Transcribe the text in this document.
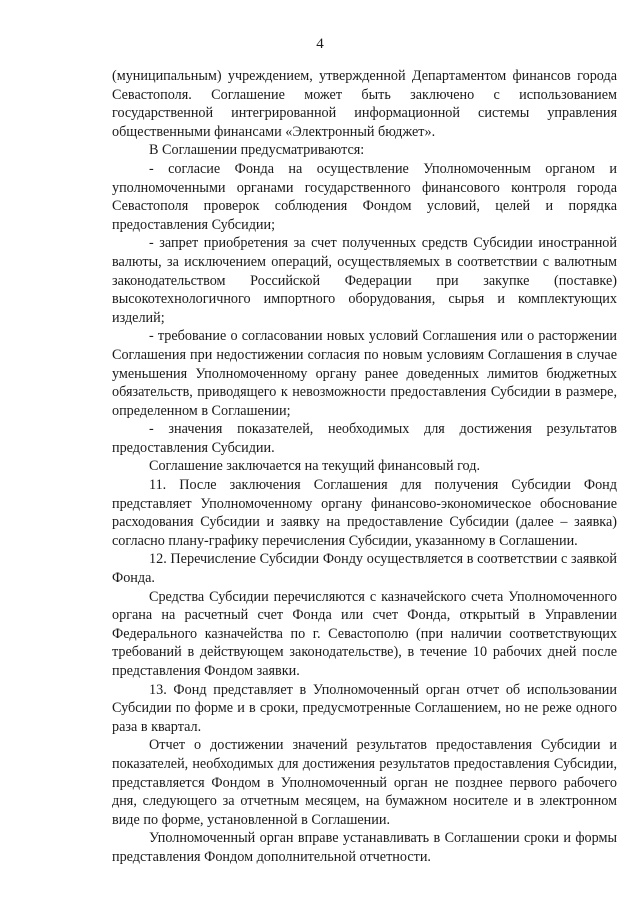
4

(муниципальным) учреждением, утвержденной Департаментом финансов города Севастополя. Соглашение может быть заключено с использованием государственной интегрированной информационной системы управления общественными финансами «Электронный бюджет».

В Соглашении предусматриваются:

- согласие Фонда на осуществление Уполномоченным органом и уполномоченными органами государственного финансового контроля города Севастополя проверок соблюдения Фондом условий, целей и порядка предоставления Субсидии;

- запрет приобретения за счет полученных средств Субсидии иностранной валюты, за исключением операций, осуществляемых в соответствии с валютным законодательством Российской Федерации при закупке (поставке) высокотехнологичного импортного оборудования, сырья и комплектующих изделий;

- требование о согласовании новых условий Соглашения или о расторжении Соглашения при недостижении согласия по новым условиям Соглашения в случае уменьшения Уполномоченному органу ранее доведенных лимитов бюджетных обязательств, приводящего к невозможности предоставления Субсидии в размере, определенном в Соглашении;

- значения показателей, необходимых для достижения результатов предоставления Субсидии.

Соглашение заключается на текущий финансовый год.

11. После заключения Соглашения для получения Субсидии Фонд представляет Уполномоченному органу финансово-экономическое обоснование расходования Субсидии и заявку на предоставление Субсидии (далее – заявка) согласно плану-графику перечисления Субсидии, указанному в Соглашении.

12. Перечисление Субсидии Фонду осуществляется в соответствии с заявкой Фонда.

Средства Субсидии перечисляются с казначейского счета Уполномоченного органа на расчетный счет Фонда или счет Фонда, открытый в Управлении Федерального казначейства по г. Севастополю (при наличии соответствующих требований в действующем законодательстве), в течение 10 рабочих дней после представления Фондом заявки.

13. Фонд представляет в Уполномоченный орган отчет об использовании Субсидии по форме и в сроки, предусмотренные Соглашением, но не реже одного раза в квартал.

Отчет о достижении значений результатов предоставления Субсидии и показателей, необходимых для достижения результатов предоставления Субсидии, представляется Фондом в Уполномоченный орган не позднее первого рабочего дня, следующего за отчетным месяцем, на бумажном носителе и в электронном виде по форме, установленной в Соглашении.

Уполномоченный орган вправе устанавливать в Соглашении сроки и формы представления Фондом дополнительной отчетности.
